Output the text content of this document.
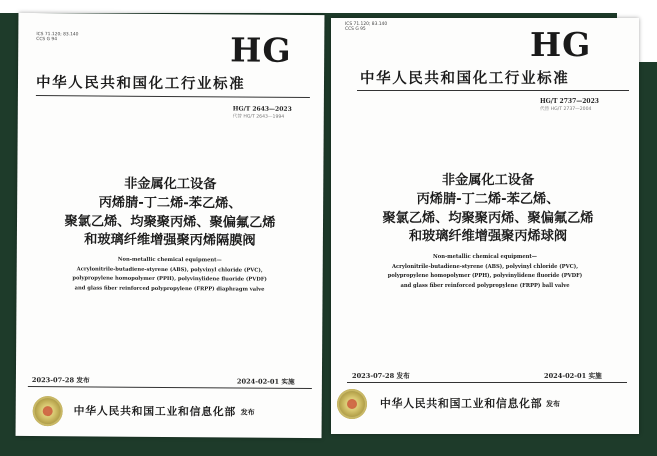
ICS 71.120; 83.140
CCS G 94	HG
中华人民共和国化工行业标准
HG/T 2643—2023
代替 HG/T 2643—1994
非金属化工设备
丙烯腈-丁二烯-苯乙烯、
聚氯乙烯、均聚聚丙烯、聚偏氟乙烯
和玻璃纤维增强聚丙烯隔膜阀
Non-metallic chemical equipment—
Acrylonitrile-butadiene-styrene (ABS), polyvinyl chloride (PVC),
polypropylene homopolymer (PPH), polyvinylidene fluoride (PVDF)
and glass fiber reinforced polypropylene (FRPP) diaphragm valve
2023-07-28 发布	2024-02-01 实施
中华人民共和国工业和信息化部 发布
ICS 71.120; 83.140
CCS G 95	HG
中华人民共和国化工行业标准
HG/T 2737—2023
代替 HG/T 2737—2004
非金属化工设备
丙烯腈-丁二烯-苯乙烯、
聚氯乙烯、均聚聚丙烯、聚偏氟乙烯
和玻璃纤维增强聚丙烯球阀
Non-metallic chemical equipment—
Acrylonitrile-butadiene-styrene (ABS), polyvinyl chloride (PVC),
polypropylene homopolymer (PPH), polyvinylidene fluoride (PVDF)
and glass fiber reinforced polypropylene (FRPP) ball valve
2023-07-28 发布	2024-02-01 实施
中华人民共和国工业和信息化部 发布
